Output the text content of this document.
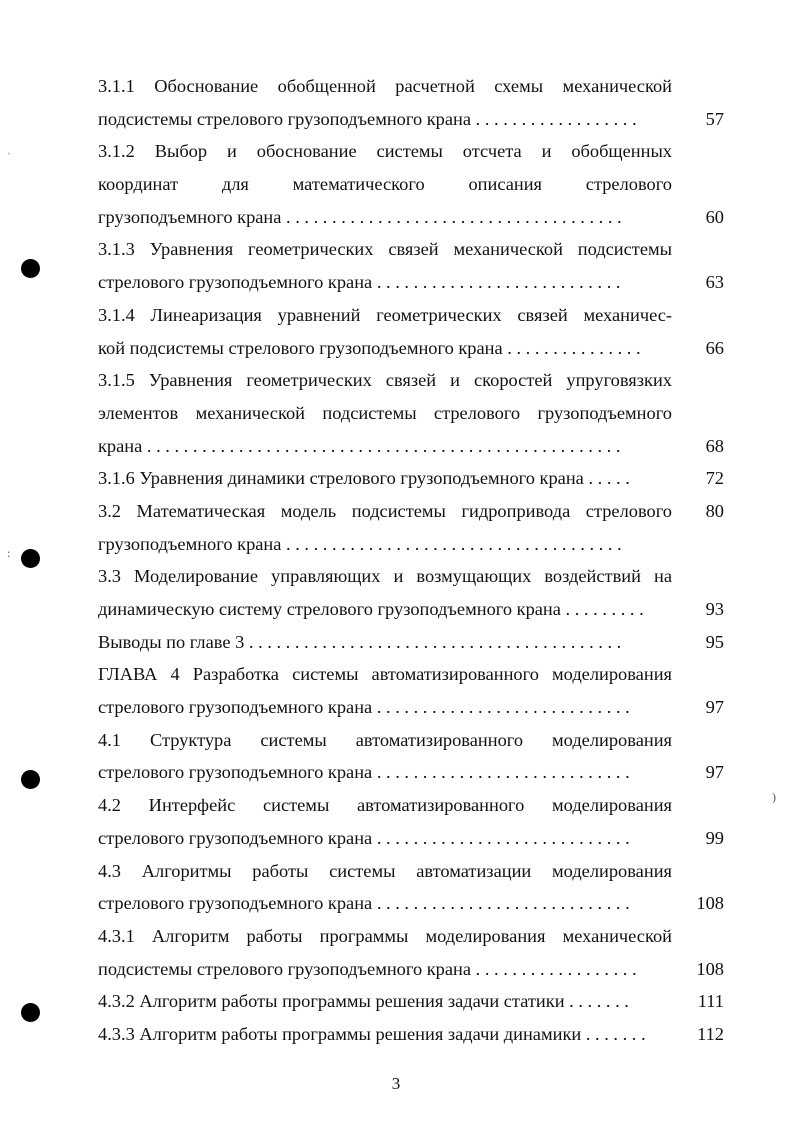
ˈ
:
)
3.1.1 Обоснование обобщенной расчетной схемы механической
подсистемы стрелового грузоподъемного крана . . . . . . . . . . . . . . . . . .	57
3.1.2 Выбор и обоснование системы отсчета и обобщенных
координат для математического описания стрелового
грузоподъемного крана . . . . . . . . . . . . . . . . . . . . . . . . . . . . . . . . . . . . .	60
3.1.3 Уравнения геометрических связей механической подсистемы
стрелового грузоподъемного крана . . . . . . . . . . . . . . . . . . . . . . . . . . .	63
3.1.4 Линеаризация уравнений геометрических связей механичес-
кой подсистемы стрелового грузоподъемного крана . . . . . . . . . . . . . . .	66
3.1.5 Уравнения геометрических связей и скоростей упруговязких
элементов механической подсистемы стрелового грузоподъемного
крана . . . . . . . . . . . . . . . . . . . . . . . . . . . . . . . . . . . . . . . . . . . . . . . . . . . .	68
3.1.6 Уравнения динамики стрелового грузоподъемного крана . . . . .	72
3.2 Математическая модель подсистемы гидропривода стрелового	80
грузоподъемного крана . . . . . . . . . . . . . . . . . . . . . . . . . . . . . . . . . . . . .
3.3 Моделирование управляющих и возмущающих воздействий на
динамическую систему стрелового грузоподъемного крана . . . . . . . . .	93
Выводы по главе 3 . . . . . . . . . . . . . . . . . . . . . . . . . . . . . . . . . . . . . . . . .	95
ГЛАВА 4 Разработка системы автоматизированного моделирования
стрелового грузоподъемного крана . . . . . . . . . . . . . . . . . . . . . . . . . . . .	97
4.1 Структура системы автоматизированного моделирования
стрелового грузоподъемного крана . . . . . . . . . . . . . . . . . . . . . . . . . . . .	97
4.2 Интерфейс системы автоматизированного моделирования
стрелового грузоподъемного крана . . . . . . . . . . . . . . . . . . . . . . . . . . . .	99
4.3 Алгоритмы работы системы автоматизации моделирования
стрелового грузоподъемного крана . . . . . . . . . . . . . . . . . . . . . . . . . . . .	108
4.3.1 Алгоритм работы программы моделирования механической
подсистемы стрелового грузоподъемного крана . . . . . . . . . . . . . . . . . .	108
4.3.2 Алгоритм работы программы решения задачи статики . . . . . . .	111
4.3.3 Алгоритм работы программы решения задачи динамики . . . . . . .	112
3
